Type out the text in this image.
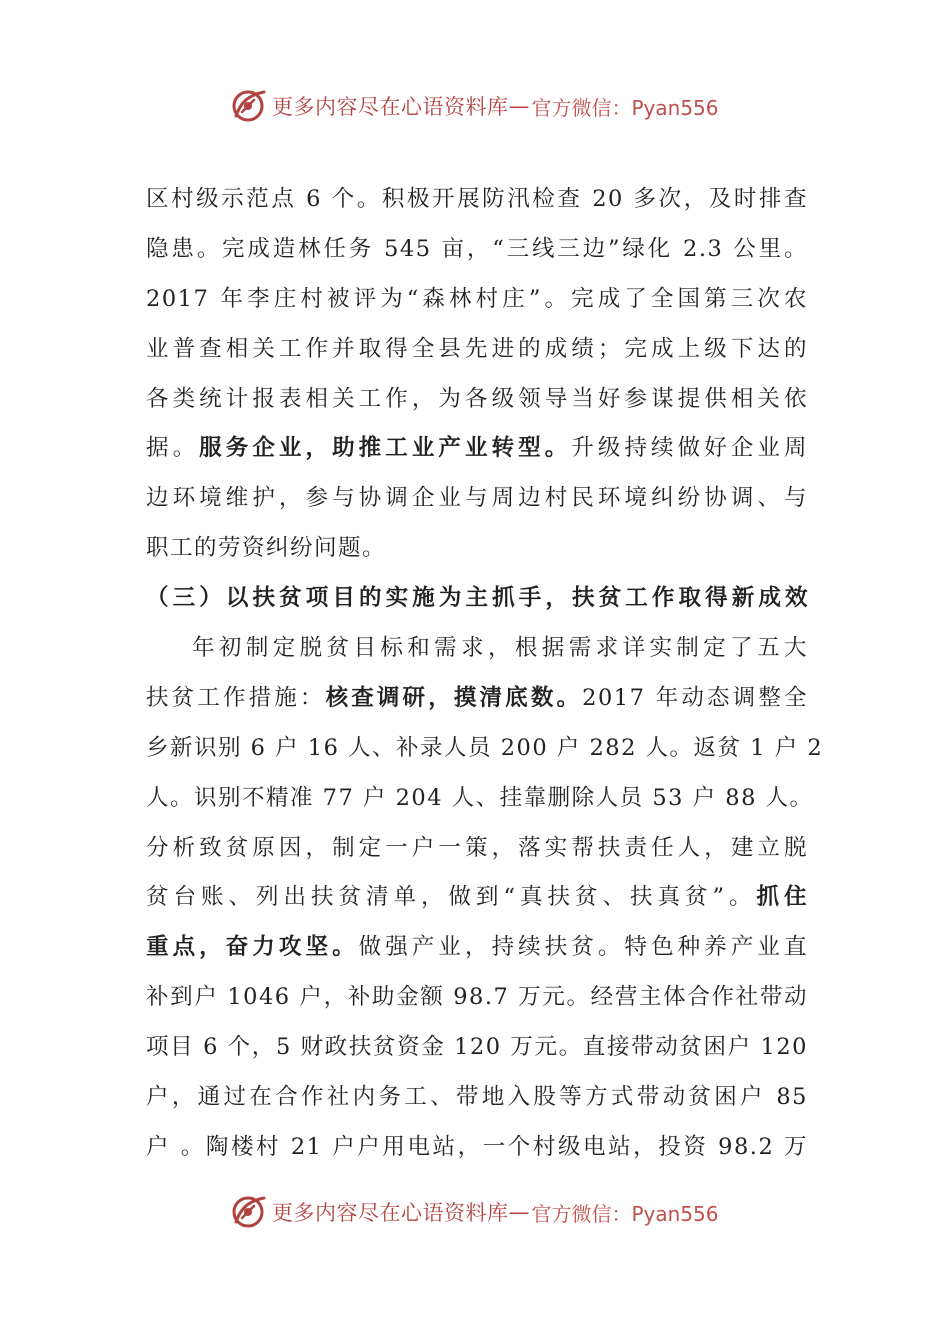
更多内容尽在心语资料库 — 官方微信：Pyan556
区村级示范点 6 个。积极开展防汛检查 20 多次，及时排查
隐患。完成造林任务 545 亩，“三线三边”绿化 2.3 公里。
2017 年李庄村被评为“森林村庄”。完成了全国第三次农
业普查相关工作并取得全县先进的成绩；完成上级下达的
各类统计报表相关工作，为各级领导当好参谋提供相关依
据。服务企业，助推工业产业转型。升级持续做好企业周
边环境维护，参与协调企业与周边村民环境纠纷协调、与
职工的劳资纠纷问题。
（三）以扶贫项目的实施为主抓手，扶贫工作取得新成效
年初制定脱贫目标和需求，根据需求详实制定了五大
扶贫工作措施：核查调研，摸清底数。2017 年动态调整全
乡新识别 6 户 16 人、补录人员 200 户 282 人。返贫 1 户 2
人。识别不精准 77 户 204 人、挂靠删除人员 53 户 88 人。
分析致贫原因，制定一户一策，落实帮扶责任人，建立脱
贫台账、列出扶贫清单，做到“真扶贫、扶真贫”。抓住
重点，奋力攻坚。做强产业，持续扶贫。特色种养产业直
补到户 1046 户，补助金额 98.7 万元。经营主体合作社带动
项目 6 个，5 财政扶贫资金 120 万元。直接带动贫困户 120
户，通过在合作社内务工、带地入股等方式带动贫困户 85
户 。陶楼村 21 户户用电站，一个村级电站，投资 98.2 万
更多内容尽在心语资料库 — 官方微信：Pyan556
